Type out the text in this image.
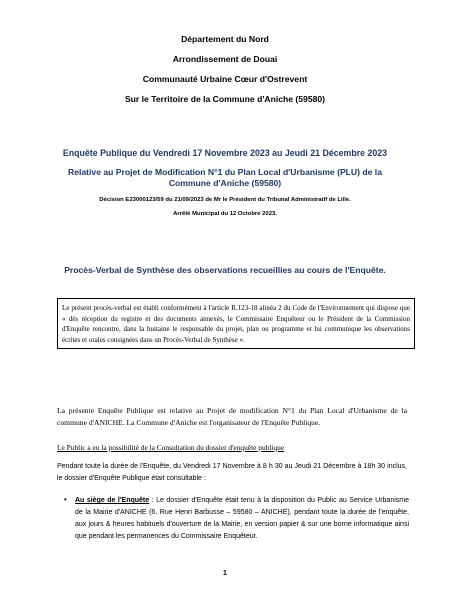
Département du Nord
Arrondissement de Douai
Communauté Urbaine Cœur d'Ostrevent
Sur le Territoire de la Commune d'Aniche (59580)
Enquête Publique du Vendredi 17 Novembre 2023 au Jeudi 21 Décembre 2023
Relative au Projet de Modification N°1 du Plan Local d'Urbanisme (PLU) de la Commune d'Aniche (59580)
Décision E23000123/59 du 21/09/2023 de Mr le Président du Tribunal Administratif de Lille.
Arrêté Municipal du 12 Octobre 2023.
Procès-Verbal de Synthèse des observations recueillies au cours de l'Enquête.
Le présent procès-verbal est établi conformément à l'article R.123-18 alinéa 2 du Code de l'Environnement qui dispose que « dès réception du registre et des documents annexés, le Commissaire Enquêteur ou le Président de la Commission d'Enquête rencontre, dans la huitaine le responsable du projet, plan ou programme et lui communique les observations écrites et orales consignées dans un Procès-Verbal de Synthèse ».
La présente Enquête Publique est relative au Projet de modification N°1 du Plan Local d'Urbanisme de la commune d'ANICHE. La Commune d'Aniche est l'organisateur de l'Enquête Publique.
Le Public a eu la possibilité de la Consultation du dossier d'enquête publique
Pendant toute la durée de l'Enquête, du Vendredi 17 Novembre à 8 h 30 au Jeudi 21 Décembre à 18h 30 inclus, le dossier d'Enquête Publique était consultable :
• Au siège de l'Enquête : Le dossier d'Enquête était tenu à la disposition du Public au Service Urbanisme de la Mairie d'ANICHE (6, Rue Henri Barbusse – 59580 – ANICHE), pendant toute la durée de l'enquête, aux jours & heures habituels d'ouverture de la Mairie, en version papier & sur une borne informatique ainsi que pendant les permanences du Commissaire Enquêteur.
1
